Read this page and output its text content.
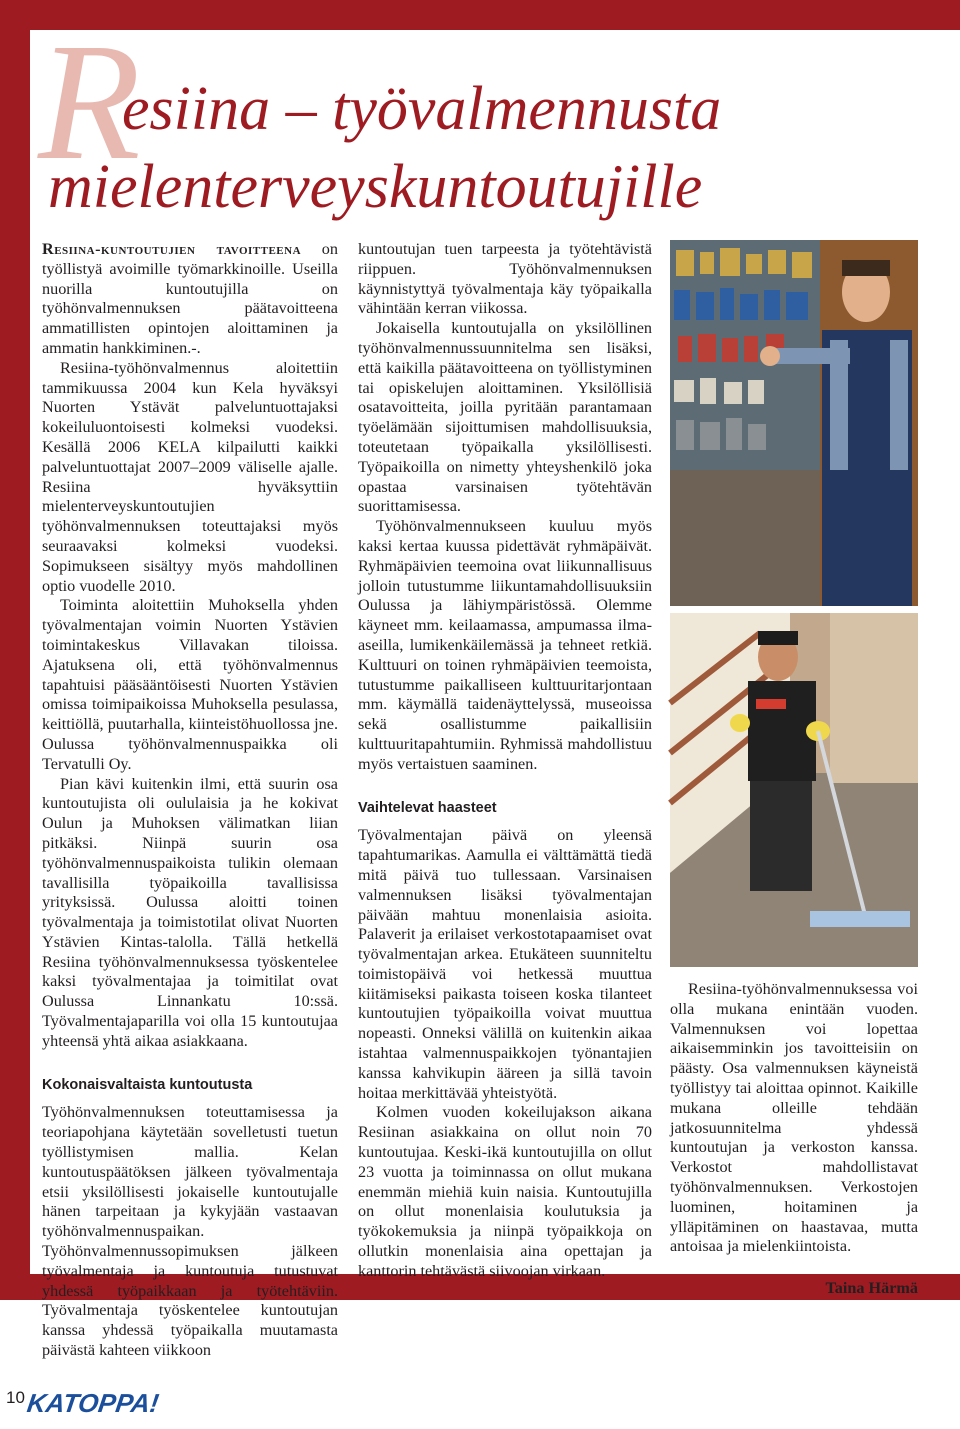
R
esiina – työvalmennusta
mielenterveyskuntoutujille

Resiina-kuntoutujien tavoitteena on työllistyä avoimille työmarkkinoille. Useilla nuorilla kuntoutujilla on työhönvalmennuksen päätavoitteena ammatillisten opintojen aloittaminen ja ammatin hankkiminen.-.

Resiina-työhönvalmennus aloitettiin tammikuussa 2004 kun Kela hyväksyi Nuorten Ystävät palveluntuottajaksi kokeiluluontoisesti kolmeksi vuodeksi. Kesällä 2006 KELA kilpailutti kaikki palveluntuottajat 2007–2009 väliselle ajalle. Resiina hyväksyttiin mielenterveyskuntoutujien työhönvalmennuksen toteuttajaksi myös seuraavaksi kolmeksi vuodeksi. Sopimukseen sisältyy myös mahdollinen optio vuodelle 2010.

Toiminta aloitettiin Muhoksella yhden työvalmentajan voimin Nuorten Ystävien toimintakeskus Villavakan tiloissa. Ajatuksena oli, että työhönvalmennus tapahtuisi pääsääntöisesti Nuorten Ystävien omissa toimipaikoissa Muhoksella pesulassa, keittiöllä, puutarhalla, kiinteistöhuollossa jne. Oulussa työhönvalmennuspaikka oli Tervatulli Oy.

Pian kävi kuitenkin ilmi, että suurin osa kuntoutujista oli oululaisia ja he kokivat Oulun ja Muhoksen välimatkan liian pitkäksi. Niinpä suurin osa työhönvalmennuspaikoista tulikin olemaan tavallisilla työpaikoilla tavallisissa yrityksissä. Oulussa aloitti toinen työvalmentaja ja toimistotilat olivat Nuorten Ystävien Kintas-talolla. Tällä hetkellä Resiina työhönvalmennuksessa työskentelee kaksi työvalmentajaa ja toimitilat ovat Oulussa Linnankatu 10:ssä. Työvalmentajaparilla voi olla 15 kuntoutujaa yhteensä yhtä aikaa asiakkaana.

Kokonaisvaltaista kuntoutusta

Työhönvalmennuksen toteuttamisessa ja teoriapohjana käytetään sovelletusti tuetun työllistymisen mallia. Kelan kuntoutuspäätöksen jälkeen työvalmentaja etsii yksilöllisesti jokaiselle kuntoutujalle hänen tarpeitaan ja kykyjään vastaavan työhönvalmennuspaikan. Työhönvalmennussopimuksen jälkeen työvalmentaja ja kuntoutuja tutustuvat yhdessä työpaikkaan ja työtehtäviin. Työvalmentaja työskentelee kuntoutujan kanssa yhdessä työpaikalla muutamasta päivästä kahteen viikkoon

kuntoutujan tuen tarpeesta ja työtehtävistä riippuen. Työhönvalmennuksen käynnistyttyä työvalmentaja käy työpaikalla vähintään kerran viikossa.

Jokaisella kuntoutujalla on yksilöllinen työhönvalmennussuunnitelma sen lisäksi, että kaikilla päätavoitteena on työllistyminen tai opiskelujen aloittaminen. Yksilöllisiä osatavoitteita, joilla pyritään parantamaan työelämään sijoittumisen mahdollisuuksia, toteutetaan työpaikalla yksilöllisesti. Työpaikoilla on nimetty yhteyshenkilö joka opastaa varsinaisen työtehtävän suorittamisessa.

Työhönvalmennukseen kuuluu myös kaksi kertaa kuussa pidettävät ryhmäpäivät. Ryhmäpäivien teemoina ovat liikunnallisuus jolloin tutustumme liikuntamahdollisuuksiin Oulussa ja lähiympäristössä. Olemme käyneet mm. keilaamassa, ampumassa ilma-aseilla, lumikenkäilemässä ja tehneet retkiä. Kulttuuri on toinen ryhmäpäivien teemoista, tutustumme paikalliseen kulttuuritarjontaan mm. käymällä taidenäyttelyssä, museoissa sekä osallistumme paikallisiin kulttuuritapahtumiin. Ryhmissä mahdollistuu myös vertaistuen saaminen.

Vaihtelevat haasteet

Työvalmentajan päivä on yleensä tapahtumarikas. Aamulla ei välttämättä tiedä mitä päivä tuo tullessaan. Varsinaisen valmennuksen lisäksi työvalmentajan päivään mahtuu monenlaisia asioita. Palaverit ja erilaiset verkostotapaamiset ovat työvalmentajan arkea. Etukäteen suunniteltu toimistopäivä voi hetkessä muuttua kiitämiseksi paikasta toiseen koska tilanteet kuntoutujien työpaikoilla voivat muuttua nopeasti. Onneksi välillä on kuitenkin aikaa istahtaa valmennuspaikkojen työnantajien kanssa kahvikupin ääreen ja sillä tavoin hoitaa merkittävää yhteistyötä.

Kolmen vuoden kokeilujakson aikana Resiinan asiakkaina on ollut noin 70 kuntoutujaa. Keski-ikä kuntoutujilla on ollut 23 vuotta ja toiminnassa on ollut mukana enemmän miehiä kuin naisia. Kuntoutujilla on ollut monenlaisia koulutuksia ja työkokemuksia ja niinpä työpaikkoja on ollutkin monenlaisia aina opettajan ja kanttorin tehtävästä siivoojan virkaan.

Resiina-työhönvalmennuksessa voi olla mukana enintään vuoden. Valmennuksen voi lopettaa aikaisemminkin jos tavoitteisiin on päästy. Osa valmennuksen käyneistä työllistyy tai aloittaa opinnot. Kaikille mukana olleille tehdään jatkosuunnitelma yhdessä kuntoutujan ja verkoston kanssa. Verkostot mahdollistavat työhönvalmennuksen. Verkostojen luominen, hoitaminen ja ylläpitäminen on haastavaa, mutta antoisaa ja mielenkiintoista.

Taina Härmä

10 KATOPPA!
